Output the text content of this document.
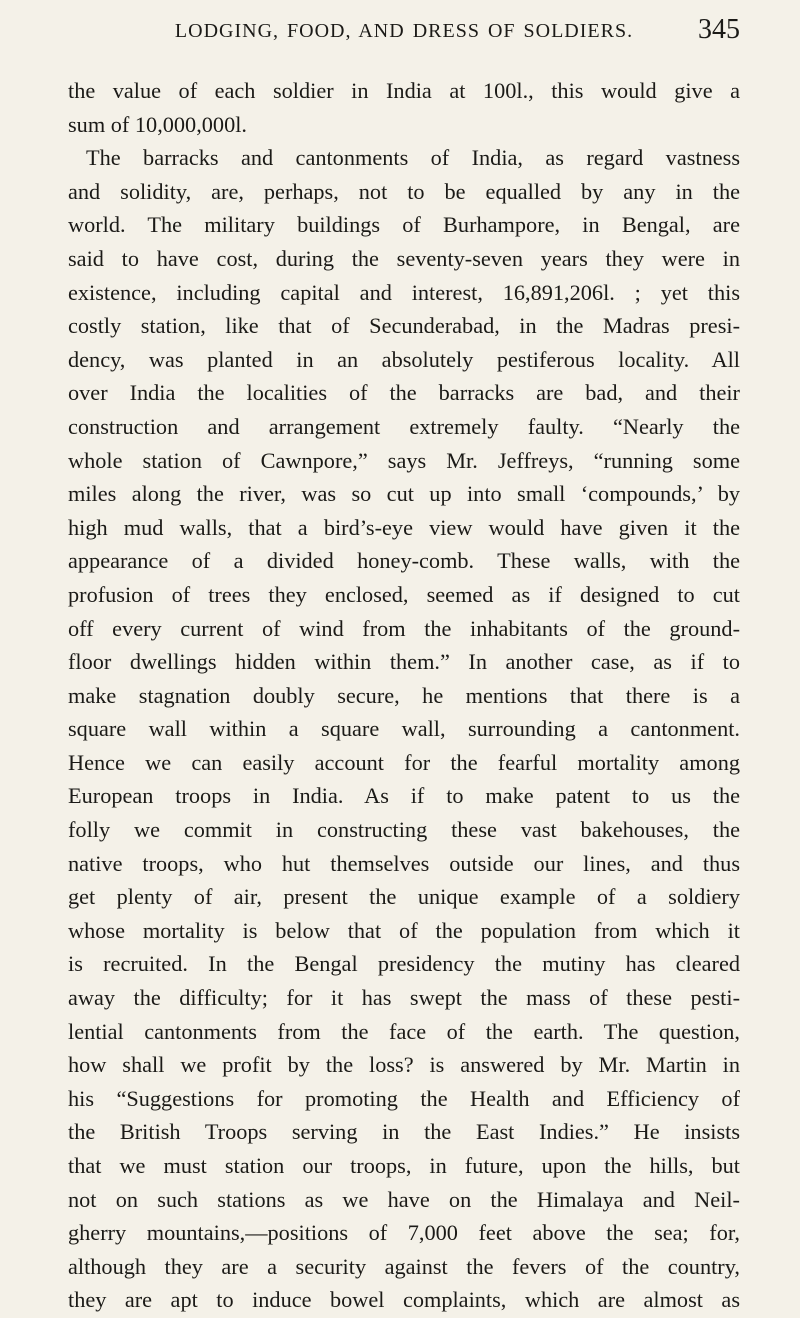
LODGING, FOOD, AND DRESS OF SOLDIERS.	345
the value of each soldier in India at 100l., this would give a
sum of 10,000,000l.
The barracks and cantonments of India, as regard vastness
and solidity, are, perhaps, not to be equalled by any in the
world. The military buildings of Burhampore, in Bengal, are
said to have cost, during the seventy-seven years they were in
existence, including capital and interest, 16,891,206l. ; yet this
costly station, like that of Secunderabad, in the Madras presi-
dency, was planted in an absolutely pestiferous locality. All
over India the localities of the barracks are bad, and their
construction and arrangement extremely faulty. “Nearly the
whole station of Cawnpore,” says Mr. Jeffreys, “running some
miles along the river, was so cut up into small ‘compounds,’ by
high mud walls, that a bird’s-eye view would have given it the
appearance of a divided honey-comb. These walls, with the
profusion of trees they enclosed, seemed as if designed to cut
off every current of wind from the inhabitants of the ground-
floor dwellings hidden within them.” In another case, as if to
make stagnation doubly secure, he mentions that there is a
square wall within a square wall, surrounding a cantonment.
Hence we can easily account for the fearful mortality among
European troops in India. As if to make patent to us the
folly we commit in constructing these vast bakehouses, the
native troops, who hut themselves outside our lines, and thus
get plenty of air, present the unique example of a soldiery
whose mortality is below that of the population from which it
is recruited. In the Bengal presidency the mutiny has cleared
away the difficulty; for it has swept the mass of these pesti-
lential cantonments from the face of the earth. The question,
how shall we profit by the loss? is answered by Mr. Martin in
his “Suggestions for promoting the Health and Efficiency of
the British Troops serving in the East Indies.” He insists
that we must station our troops, in future, upon the hills, but
not on such stations as we have on the Himalaya and Neil-
gherry mountains,—positions of 7,000 feet above the sea; for,
although they are a security against the fevers of the country,
they are apt to induce bowel complaints, which are almost as
